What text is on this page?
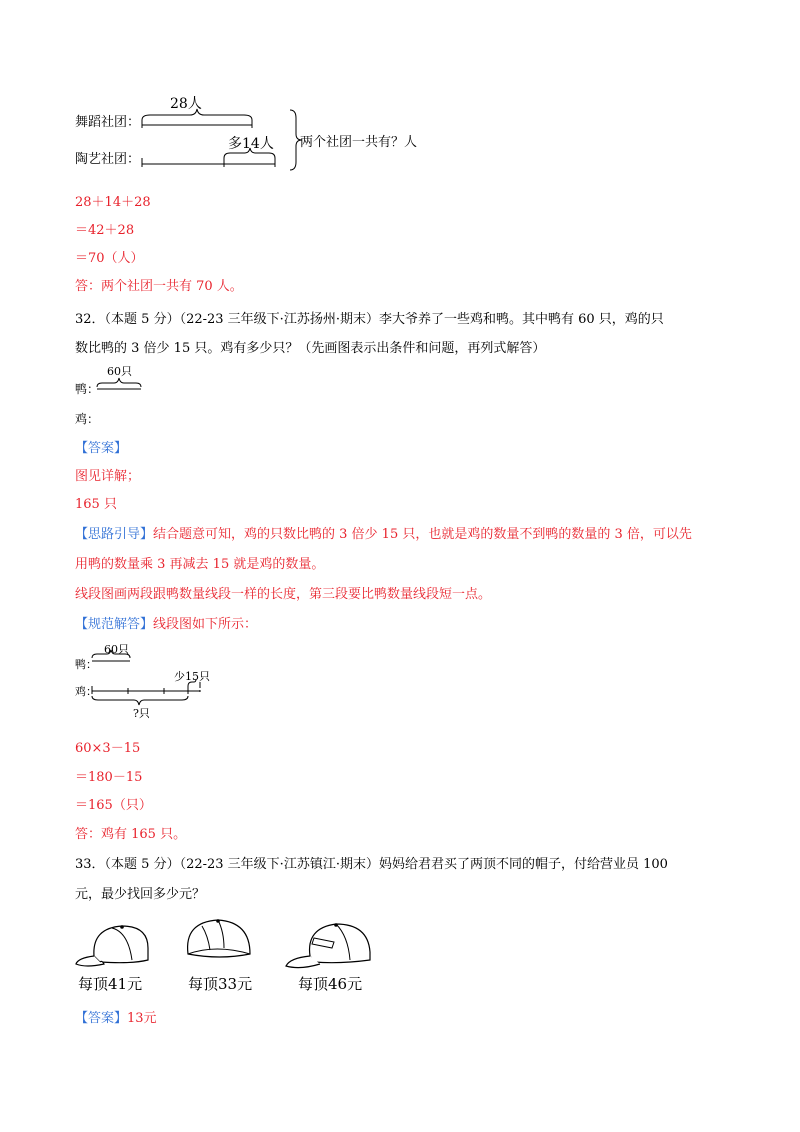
舞蹈社团：
陶艺社团：
28人
多14人 两个社团一共有？人
28＋14＋28
＝42＋28
＝70（人）
答：两个社团一共有 70 人。
32．（本题 5 分）（22-23 三年级下·江苏扬州·期末）李大爷养了一些鸡和鸭。其中鸭有 60 只，鸡的只
数比鸭的 3 倍少 15 只。鸡有多少只？（先画图表示出条件和问题，再列式解答）
60只
鸭：
鸡：
【答案】
图见详解；
165 只
【思路引导】结合题意可知，鸡的只数比鸭的 3 倍少 15 只，也就是鸡的数量不到鸭的数量的 3 倍，可以先
用鸭的数量乘 3 再减去 15 就是鸡的数量。
线段图画两段跟鸭数量线段一样的长度，第三段要比鸭数量线段短一点。
【规范解答】线段图如下所示：
60只
鸭：
鸡：
少15只
?只
60×3－15
＝180－15
＝165（只）
答：鸡有 165 只。
33．（本题 5 分）（22-23 三年级下·江苏镇江·期末）妈妈给君君买了两顶不同的帽子，付给营业员 100
元，最少找回多少元？
每顶41元	每顶33元	每顶46元
【答案】13元
